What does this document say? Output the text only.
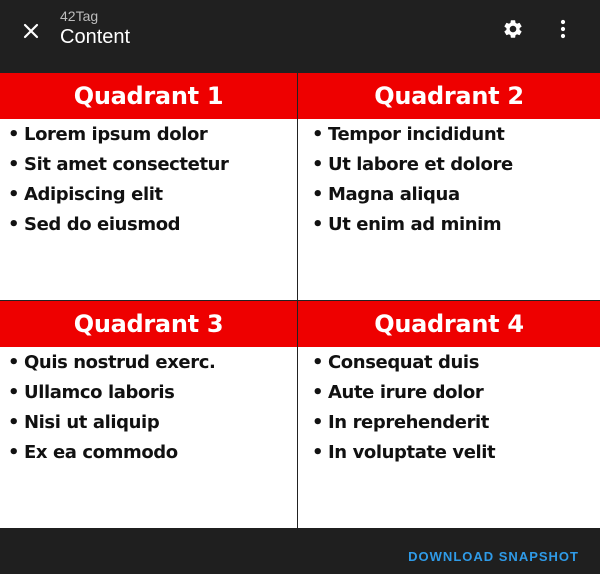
42Tag
Content
Quadrant 1
• Lorem ipsum dolor
• Sit amet consectetur
• Adipiscing elit
• Sed do eiusmod
Quadrant 2
• Tempor incididunt
• Ut labore et dolore
• Magna aliqua
• Ut enim ad minim
Quadrant 3
• Quis nostrud exerc.
• Ullamco laboris
• Nisi ut aliquip
• Ex ea commodo
Quadrant 4
• Consequat duis
• Aute irure dolor
• In reprehenderit
• In voluptate velit
DOWNLOAD SNAPSHOT
